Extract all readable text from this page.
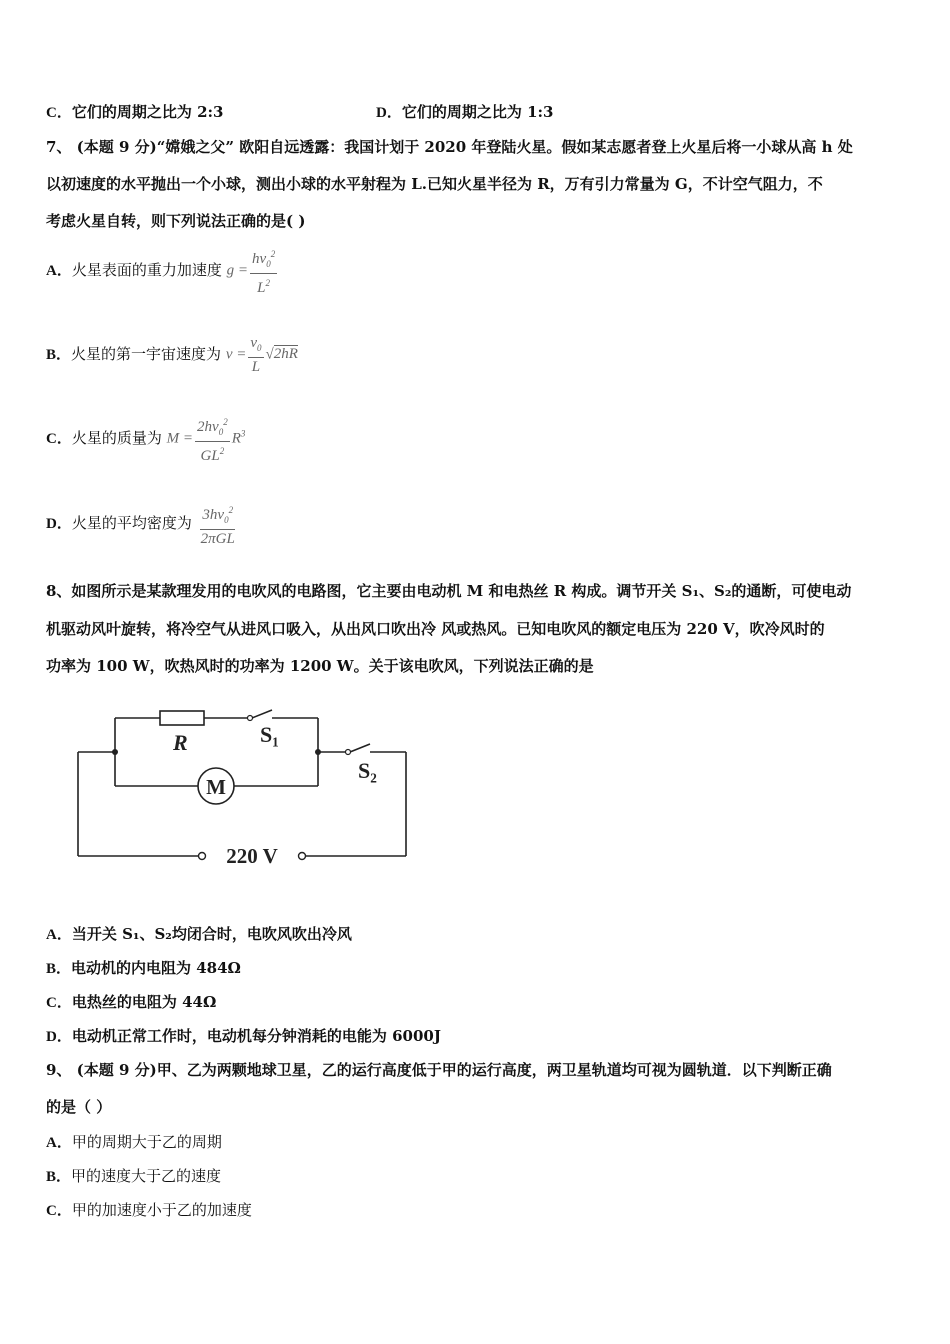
C．它们的周期之比为 2:3	D．它们的周期之比为 1:3
7、 (本题 9 分)“嫦娥之父” 欧阳自远透露：我国计划于 2020 年登陆火星。假如某志愿者登上火星后将一小球从高 h 处
以初速度的水平抛出一个小球，测出小球的水平射程为 L.已知火星半径为 R，万有引力常量为 G，不计空气阻力，不
考虑火星自转，则下列说法正确的是( )
A．火星表面的重力加速度 $g = \frac{hv_0^2}{L^2}$
B．火星的第一宇宙速度为 $v = \frac{v_0}{L} √2hR$
C．火星的质量为 $M = \frac{2hv_0^2}{GL^2} R^3$
D．火星的平均密度为 $\frac{3hv_0^2}{\text{2πGL}}$
8、如图所示是某款理发用的电吹风的电路图，它主要由电动机 M 和电热丝 R 构成。调节开关 S₁、S₂的通断，可使电动
机驱动风叶旋转，将冷空气从进风口吸入，从出风口吹出冷 风或热风。已知电吹风的额定电压为 220 V，吹冷风时的
功率为 100 W，吹热风时的功率为 1200 W。关于该电吹风，下列说法正确的是
R	S₁
S₂
M
220 V
A．当开关 S₁、S₂均闭合时，电吹风吹出冷风
B．电动机的内电阻为 484Ω
C．电热丝的电阻为 44Ω
D．电动机正常工作时，电动机每分钟消耗的电能为 6000J
9、 (本题 9 分)甲、乙为两颗地球卫星，乙的运行高度低于甲的运行高度，两卫星轨道均可视为圆轨道．以下判断正确
的是（ ）
A．甲的周期大于乙的周期
B．甲的速度大于乙的速度
C．甲的加速度小于乙的加速度
